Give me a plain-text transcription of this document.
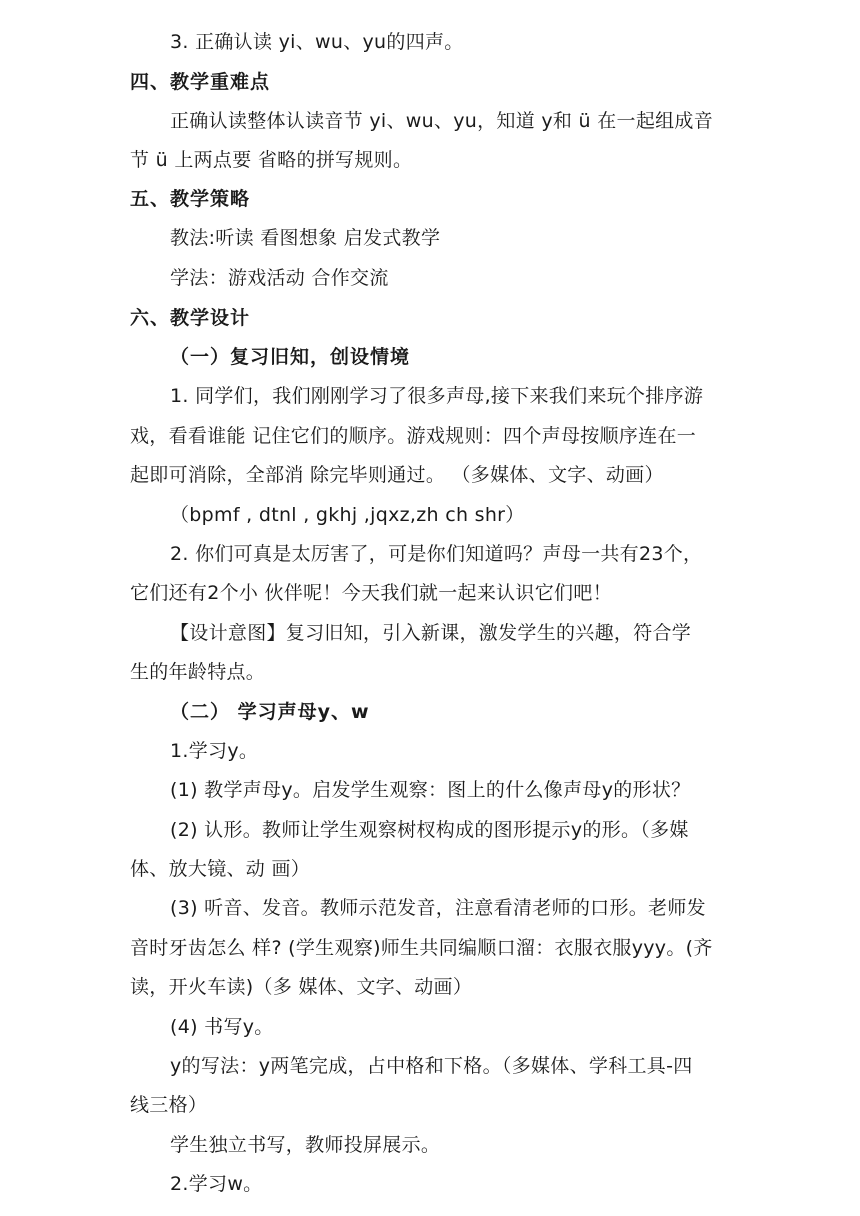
3. 正确认读 yi、wu、yu的四声。
四、教学重难点
正确认读整体认读音节 yi、wu、yu，知道 y和 ü 在一起组成音
节 ü 上两点要 省略的拼写规则。
五、教学策略
教法:听读 看图想象 启发式教学
学法：游戏活动 合作交流
六、教学设计
（一）复习旧知，创设情境
1. 同学们，我们刚刚学习了很多声母,接下来我们来玩个排序游
戏，看看谁能 记住它们的顺序。游戏规则：四个声母按顺序连在一
起即可消除，全部消 除完毕则通过。 （多媒体、文字、动画）
（bpmf , dtnl , gkhj ,jqxz,zh ch shr）
2. 你们可真是太厉害了，可是你们知道吗？声母一共有23个，
它们还有2个小 伙伴呢！今天我们就一起来认识它们吧！
【设计意图】复习旧知，引入新课，激发学生的兴趣，符合学
生的年龄特点。
（二） 学习声母y、w
1.学习y。
(1) 教学声母y。启发学生观察：图上的什么像声母y的形状？
(2) 认形。教师让学生观察树杈构成的图形提示y的形。（多媒
体、放大镜、动 画）
(3) 听音、发音。教师示范发音，注意看清老师的口形。老师发
音时牙齿怎么 样? (学生观察)师生共同编顺口溜：衣服衣服yyy。(齐
读，开火车读)（多 媒体、文字、动画）
(4) 书写y。
y的写法：y两笔完成，占中格和下格。（多媒体、学科工具-四
线三格）
学生独立书写，教师投屏展示。
2.学习w。
